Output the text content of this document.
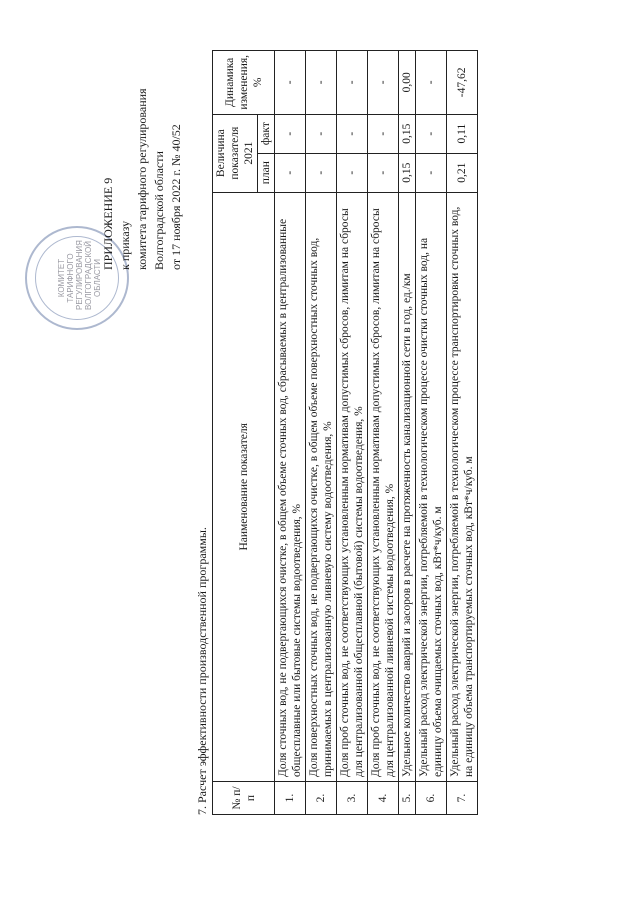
КОМИТЕТ
ТАРИФНОГО
РЕГУЛИРОВАНИЯ
ВОЛГОГРАДСКОЙ
ОБЛАСТИ
ПРИЛОЖЕНИЕ 9 к приказу комитета тарифного регулирования Волгоградской области от 17 ноября 2022 г. № 40/52
7. Расчет эффективности производственной программы. № п/п	Наименование показателя	Величина показателя 2021		Динамика изменения, %
		план	факт	
1.	Доля сточных вод, не подвергающихся очистке, в общем объеме сточных вод, сбрасываемых в централизованные общесплавные или бытовые системы водоотведения, %	-	-	-
2.	Доля поверхностных сточных вод, не подвергающихся очистке, в общем объеме поверхностных сточных вод, принимаемых в централизованную ливневую систему водоотведения, %	-	-	-
3.	Доля проб сточных вод, не соответствующих установленным нормативам допустимых сбросов, лимитам на сбросы для централизованной общесплавной (бытовой) системы водоотведения, %	-	-	-
4.	Доля проб сточных вод, не соответствующих установленным нормативам допустимых сбросов, лимитам на сбросы для централизованной ливневой системы водоотведения, %	-	-	-
5.	Удельное количество аварий и засоров в расчете на протяженность канализационной сети в год, ед./км	0,15	0,15	0,00
6.	Удельный расход электрической энергии, потребляемой в технологическом процессе очистки сточных вод, на единицу объема очищаемых сточных вод, кВт*ч/куб. м	-	-	-
7.	Удельный расход электрической энергии, потребляемой в технологическом процессе транспортировки сточных вод, на единицу объема транспортируемых сточных вод, кВт*ч/куб. м	0,21	0,11	-47,62
